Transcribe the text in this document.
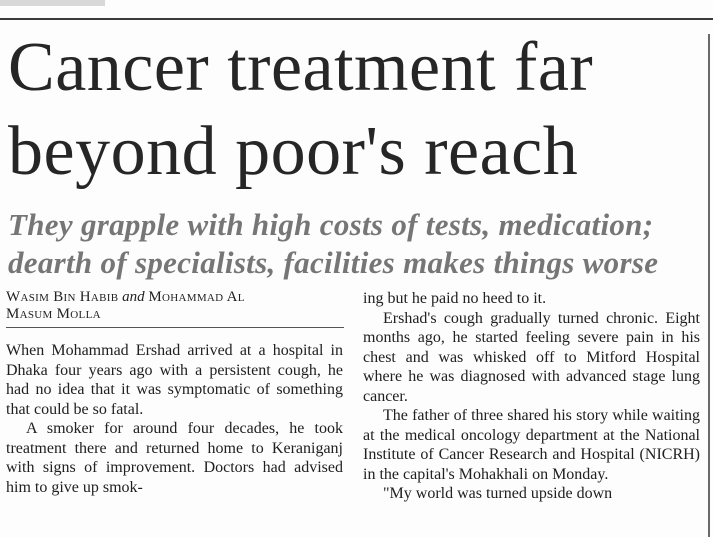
Cancer treatment far
beyond poor's reach
They grapple with high costs of tests, medication;
dearth of specialists, facilities makes things worse
Wasim Bin Habib and Mohammad Al
Masum Molla

When Mohammad Ershad arrived at a hospital in Dhaka four years ago with a persistent cough, he had no idea that it was symptomatic of something that could be so fatal.

A smoker for around four decades, he took treatment there and returned home to Keraniganj with signs of improvement. Doctors had advised him to give up smok-

ing but he paid no heed to it.

Ershad's cough gradually turned chronic. Eight months ago, he started feeling severe pain in his chest and was whisked off to Mitford Hospital where he was diagnosed with advanced stage lung cancer.

The father of three shared his story while waiting at the medical oncology department at the National Institute of Cancer Research and Hospital (NICRH) in the capital's Mohakhali on Monday.

"My world was turned upside down
